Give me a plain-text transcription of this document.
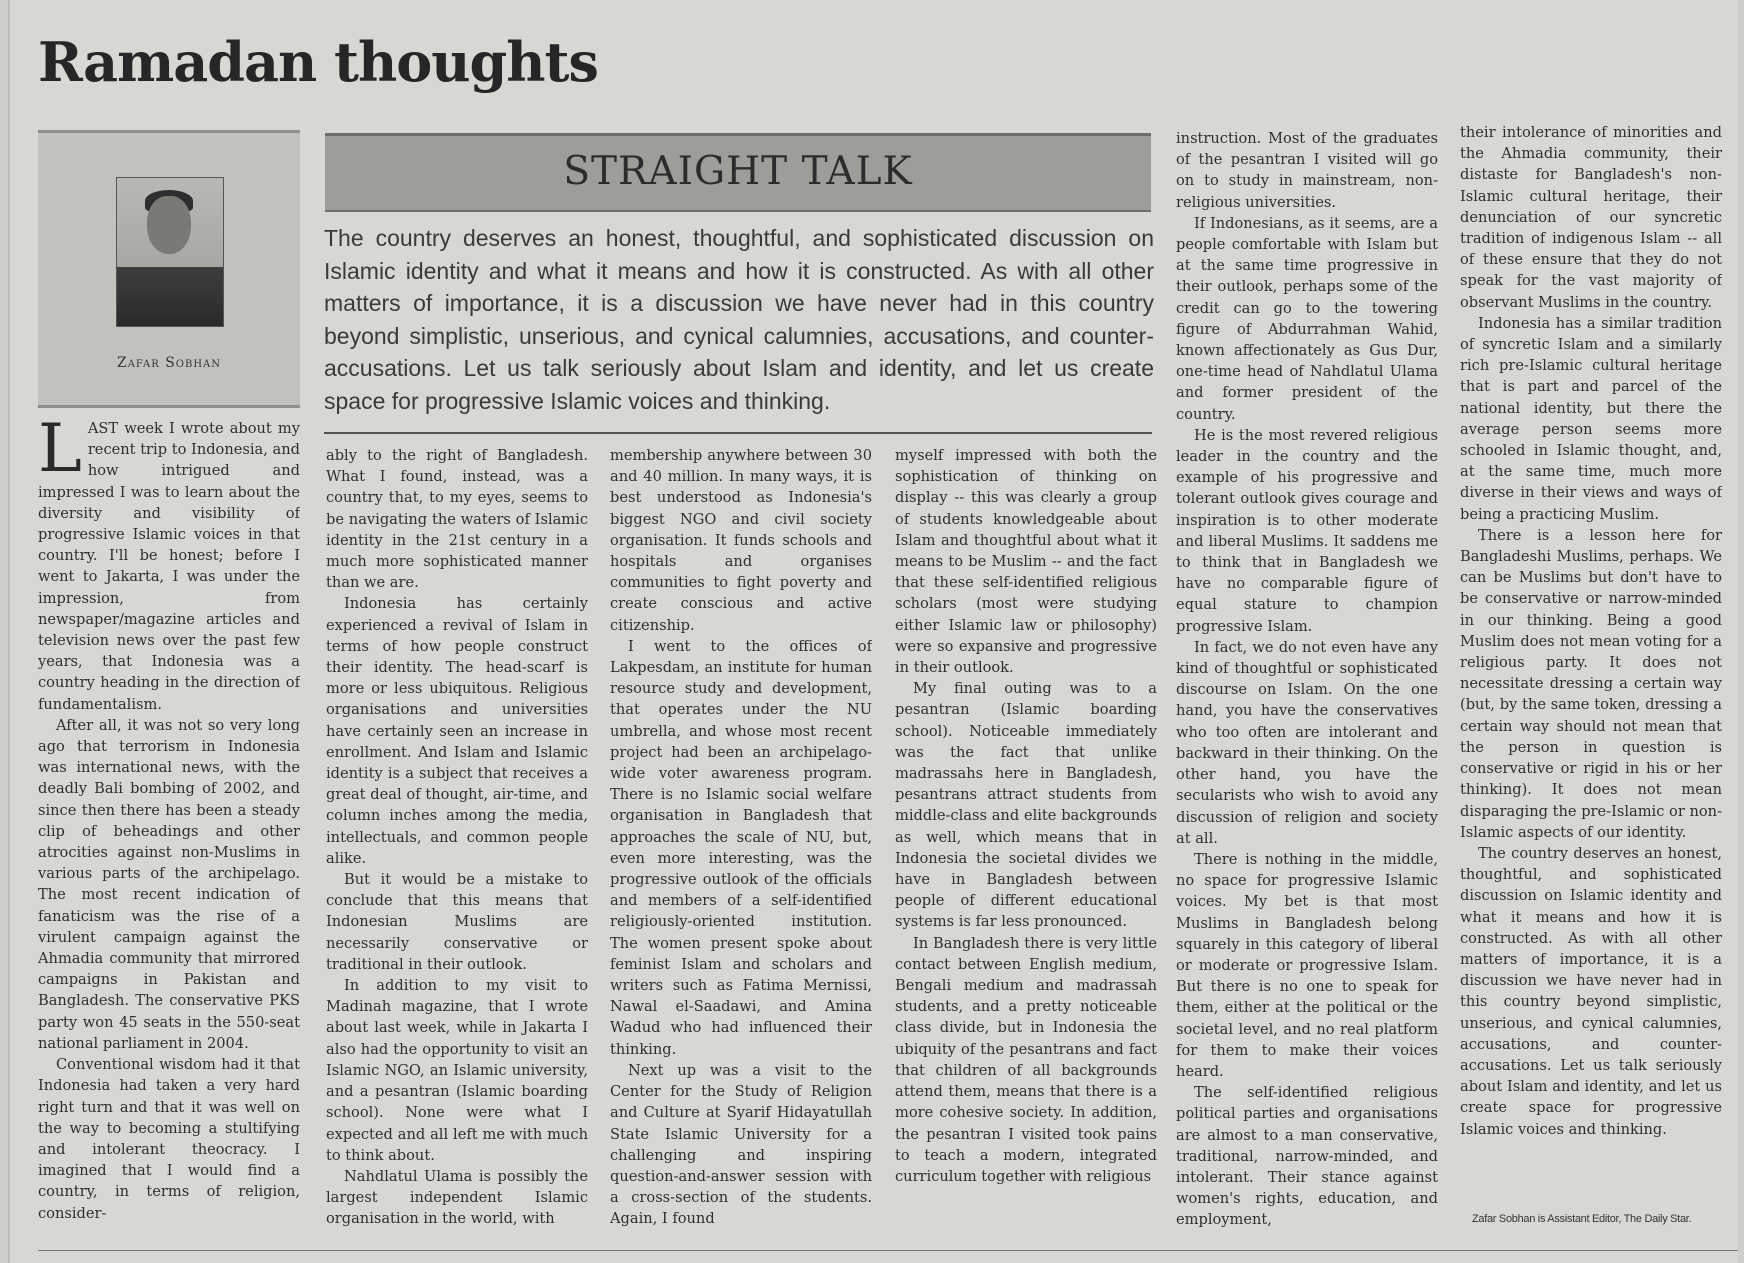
Ramadan thoughts
Zafar Sobhan
STRAIGHT TALK
The country deserves an honest, thoughtful, and sophisticated discussion on Islamic identity and what it means and how it is constructed. As with all other matters of importance, it is a discussion we have never had in this country beyond simplistic, unserious, and cynical calumnies, accusations, and counter-accusations. Let us talk seriously about Islam and identity, and let us create space for progressive Islamic voices and thinking.

LAST week I wrote about my recent trip to Indonesia, and how intrigued and impressed I was to learn about the diversity and visibility of progressive Islamic voices in that country. I'll be honest; before I went to Jakarta, I was under the impression, from newspaper/magazine articles and television news over the past few years, that Indonesia was a country heading in the direction of fundamentalism.

After all, it was not so very long ago that terrorism in Indonesia was international news, with the deadly Bali bombing of 2002, and since then there has been a steady clip of beheadings and other atrocities against non-Muslims in various parts of the archipelago. The most recent indication of fanaticism was the rise of a virulent campaign against the Ahmadia community that mirrored campaigns in Pakistan and Bangladesh. The conservative PKS party won 45 seats in the 550-seat national parliament in 2004.

Conventional wisdom had it that Indonesia had taken a very hard right turn and that it was well on the way to becoming a stultifying and intolerant theocracy. I imagined that I would find a country, in terms of religion, consider-

ably to the right of Bangladesh. What I found, instead, was a country that, to my eyes, seems to be navigating the waters of Islamic identity in the 21st century in a much more sophisticated manner than we are.

Indonesia has certainly experienced a revival of Islam in terms of how people construct their identity. The head-scarf is more or less ubiquitous. Religious organisations and universities have certainly seen an increase in enrollment. And Islam and Islamic identity is a subject that receives a great deal of thought, air-time, and column inches among the media, intellectuals, and common people alike.

But it would be a mistake to conclude that this means that Indonesian Muslims are necessarily conservative or traditional in their outlook.

In addition to my visit to Madinah magazine, that I wrote about last week, while in Jakarta I also had the opportunity to visit an Islamic NGO, an Islamic university, and a pesantran (Islamic boarding school). None were what I expected and all left me with much to think about.

Nahdlatul Ulama is possibly the largest independent Islamic organisation in the world, with

membership anywhere between 30 and 40 million. In many ways, it is best understood as Indonesia's biggest NGO and civil society organisation. It funds schools and hospitals and organises communities to fight poverty and create conscious and active citizenship.

I went to the offices of Lakpesdam, an institute for human resource study and development, that operates under the NU umbrella, and whose most recent project had been an archipelago-wide voter awareness program. There is no Islamic social welfare organisation in Bangladesh that approaches the scale of NU, but, even more interesting, was the progressive outlook of the officials and members of a self-identified religiously-oriented institution. The women present spoke about feminist Islam and scholars and writers such as Fatima Mernissi, Nawal el-Saadawi, and Amina Wadud who had influenced their thinking.

Next up was a visit to the Center for the Study of Religion and Culture at Syarif Hidayatullah State Islamic University for a challenging and inspiring question-and-answer session with a cross-section of the students. Again, I found

myself impressed with both the sophistication of thinking on display -- this was clearly a group of students knowledgeable about Islam and thoughtful about what it means to be Muslim -- and the fact that these self-identified religious scholars (most were studying either Islamic law or philosophy) were so expansive and progressive in their outlook.

My final outing was to a pesantran (Islamic boarding school). Noticeable immediately was the fact that unlike madrassahs here in Bangladesh, pesantrans attract students from middle-class and elite backgrounds as well, which means that in Indonesia the societal divides we have in Bangladesh between people of different educational systems is far less pronounced.

In Bangladesh there is very little contact between English medium, Bengali medium and madrassah students, and a pretty noticeable class divide, but in Indonesia the ubiquity of the pesantrans and fact that children of all backgrounds attend them, means that there is a more cohesive society. In addition, the pesantran I visited took pains to teach a modern, integrated curriculum together with religious

instruction. Most of the graduates of the pesantran I visited will go on to study in mainstream, non-religious universities.

If Indonesians, as it seems, are a people comfortable with Islam but at the same time progressive in their outlook, perhaps some of the credit can go to the towering figure of Abdurrahman Wahid, known affectionately as Gus Dur, one-time head of Nahdlatul Ulama and former president of the country.

He is the most revered religious leader in the country and the example of his progressive and tolerant outlook gives courage and inspiration is to other moderate and liberal Muslims. It saddens me to think that in Bangladesh we have no comparable figure of equal stature to champion progressive Islam.

In fact, we do not even have any kind of thoughtful or sophisticated discourse on Islam. On the one hand, you have the conservatives who too often are intolerant and backward in their thinking. On the other hand, you have the secularists who wish to avoid any discussion of religion and society at all.

There is nothing in the middle, no space for progressive Islamic voices. My bet is that most Muslims in Bangladesh belong squarely in this category of liberal or moderate or progressive Islam. But there is no one to speak for them, either at the political or the societal level, and no real platform for them to make their voices heard.

The self-identified religious political parties and organisations are almost to a man conservative, traditional, narrow-minded, and intolerant. Their stance against women's rights, education, and employment,

their intolerance of minorities and the Ahmadia community, their distaste for Bangladesh's non-Islamic cultural heritage, their denunciation of our syncretic tradition of indigenous Islam -- all of these ensure that they do not speak for the vast majority of observant Muslims in the country.

Indonesia has a similar tradition of syncretic Islam and a similarly rich pre-Islamic cultural heritage that is part and parcel of the national identity, but there the average person seems more schooled in Islamic thought, and, at the same time, much more diverse in their views and ways of being a practicing Muslim.

There is a lesson here for Bangladeshi Muslims, perhaps. We can be Muslims but don't have to be conservative or narrow-minded in our thinking. Being a good Muslim does not mean voting for a religious party. It does not necessitate dressing a certain way (but, by the same token, dressing a certain way should not mean that the person in question is conservative or rigid in his or her thinking). It does not mean disparaging the pre-Islamic or non-Islamic aspects of our identity.

The country deserves an honest, thoughtful, and sophisticated discussion on Islamic identity and what it means and how it is constructed. As with all other matters of importance, it is a discussion we have never had in this country beyond simplistic, unserious, and cynical calumnies, accusations, and counter-accusations. Let us talk seriously about Islam and identity, and let us create space for progressive Islamic voices and thinking.

Zafar Sobhan is Assistant Editor, The Daily Star.
